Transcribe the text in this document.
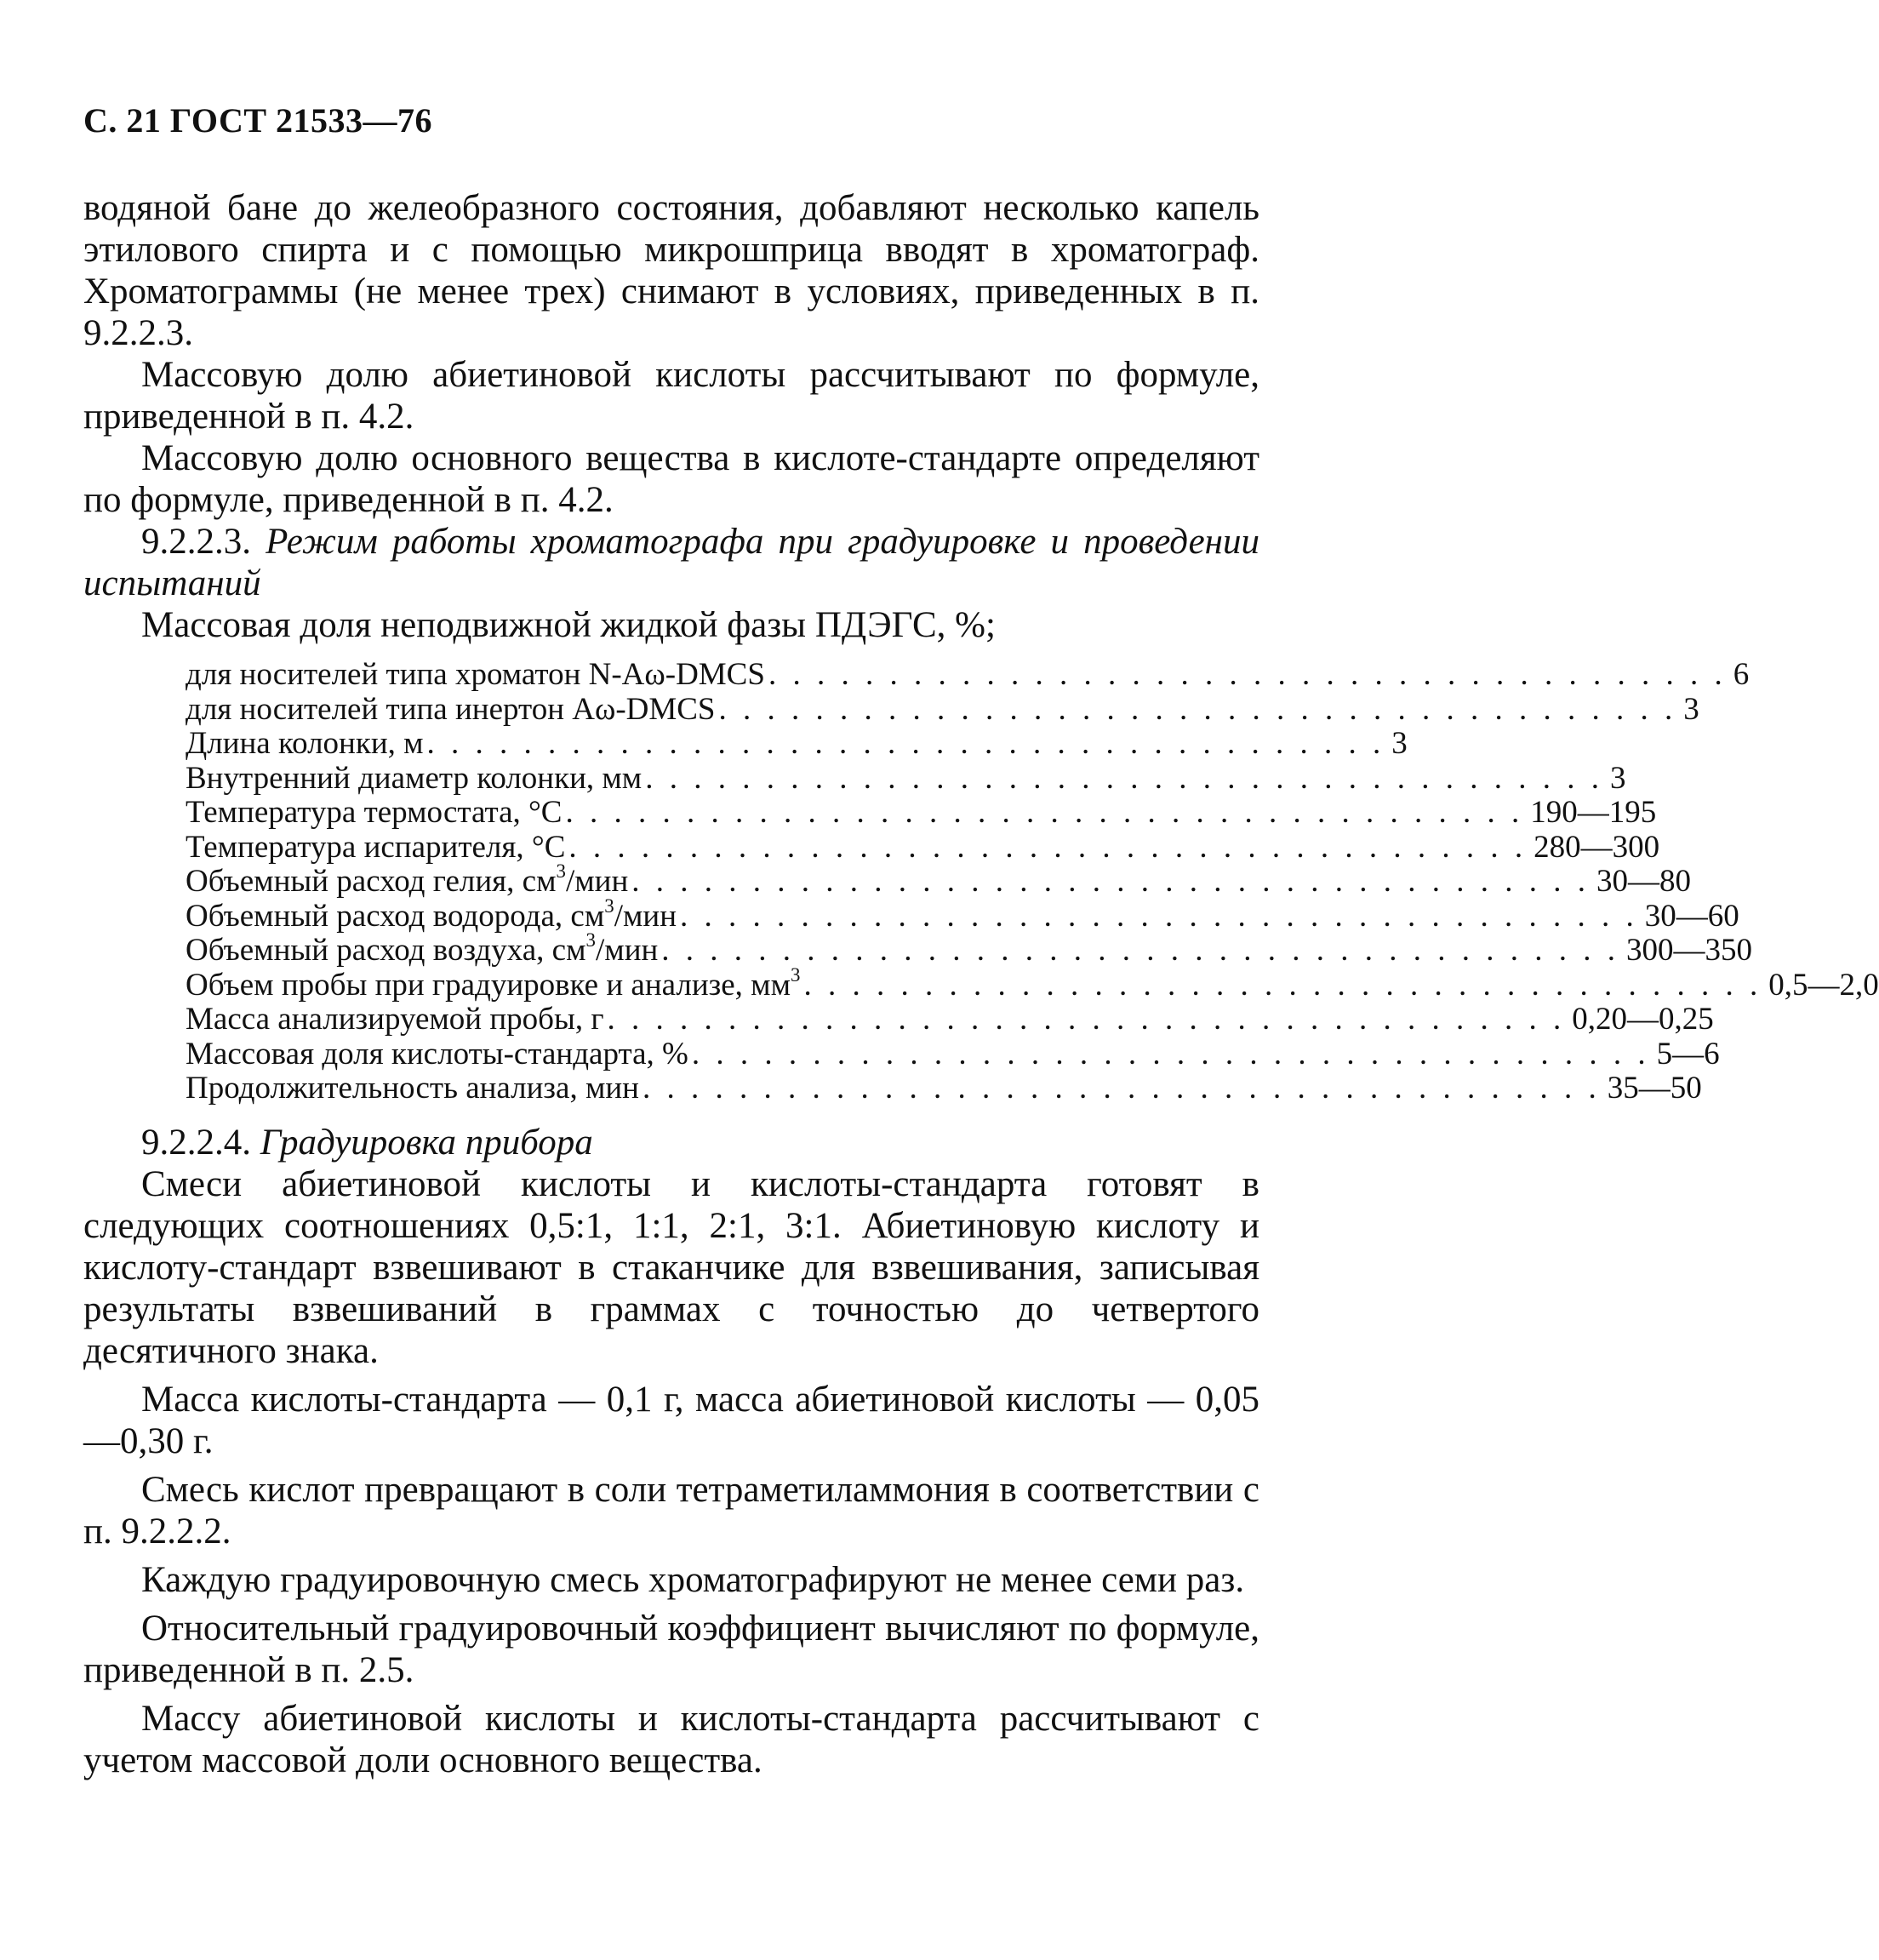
С. 21 ГОСТ 21533—76

водяной бане до желеобразного состояния, добавляют несколько капель этилового спирта и с помощью микрошприца вводят в хроматограф. Хроматограммы (не менее трех) снимают в условиях, приведенных в п. 9.2.2.3.

Массовую долю абиетиновой кислоты рассчитывают по формуле, приведенной в п. 4.2.

Массовую долю основного вещества в кислоте-стандарте определяют по формуле, приведенной в п. 4.2.

9.2.2.3. Режим работы хроматографа при градуировке и проведении испытаний

Массовая доля неподвижной жидкой фазы ПДЭГС, %;

для носителей типа хроматон N-Aω-DMCS . . . . . . . . . . . . . . . . . . . . . . . . . . . . . . . . . . . . . . . . 6
для носителей типа инертон Aω-DMCS . . . . . . . . . . . . . . . . . . . . . . . . . . . . . . . . . . . . . . . . 3
Длина колонки, м . . . . . . . . . . . . . . . . . . . . . . . . . . . . . . . . . . . . . . . . 3
Внутренний диаметр колонки, мм . . . . . . . . . . . . . . . . . . . . . . . . . . . . . . . . . . . . . . . . 3
Температура термостата, °C . . . . . . . . . . . . . . . . . . . . . . . . . . . . . . . . . . . . . . . . 190—195
Температура испарителя, °C . . . . . . . . . . . . . . . . . . . . . . . . . . . . . . . . . . . . . . . . 280—300
Объемный расход гелия, $см^3$/мин . . . . . . . . . . . . . . . . . . . . . . . . . . . . . . . . . . . . . . . . 30—80
Объемный расход водорода, $см^3$/мин . . . . . . . . . . . . . . . . . . . . . . . . . . . . . . . . . . . . . . . . 30—60
Объемный расход воздуха, $см^3$/мин . . . . . . . . . . . . . . . . . . . . . . . . . . . . . . . . . . . . . . . . 300—350
Объем пробы при градуировке и анализе, $мм^3$ . . . . . . . . . . . . . . . . . . . . . . . . . . . . . . . . . . . . . . . . 0,5—2,0
Масса анализируемой пробы, г . . . . . . . . . . . . . . . . . . . . . . . . . . . . . . . . . . . . . . . . 0,20—0,25
Массовая доля кислоты-стандарта, % . . . . . . . . . . . . . . . . . . . . . . . . . . . . . . . . . . . . . . . . 5—6
Продолжительность анализа, мин . . . . . . . . . . . . . . . . . . . . . . . . . . . . . . . . . . . . . . . . 35—50

9.2.2.4. Градуировка прибора

Смеси абиетиновой кислоты и кислоты-стандарта готовят в следующих соотношениях 0,5:1, 1:1, 2:1, 3:1. Абиетиновую кислоту и кислоту-стандарт взвешивают в стаканчике для взвешивания, записывая результаты взвешиваний в граммах с точностью до четвертого десятичного знака.

Масса кислоты-стандарта — 0,1 г, масса абиетиновой кислоты — 0,05—0,30 г.

Смесь кислот превращают в соли тетраметиламмония в соответствии с п. 9.2.2.2.

Каждую градуировочную смесь хроматографируют не менее семи раз.

Относительный градуировочный коэффициент вычисляют по формуле, приведенной в п. 2.5.

Массу абиетиновой кислоты и кислоты-стандарта рассчитывают с учетом массовой доли основного вещества.
